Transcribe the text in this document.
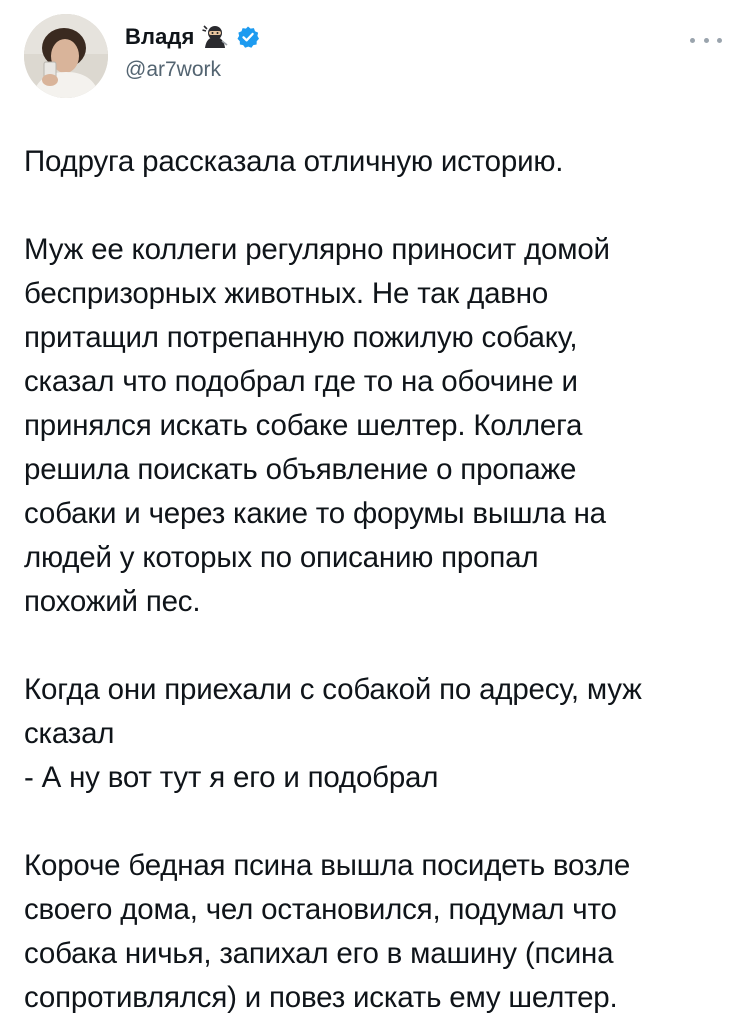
Владя
@ar7work
Подруга рассказала отличную историю.
Муж ее коллеги регулярно приносит домой
беспризорных животных. Не так давно
притащил потрепанную пожилую собаку,
сказал что подобрал где то на обочине и
принялся искать собаке шелтер. Коллега
решила поискать объявление о пропаже
собаки и через какие то форумы вышла на
людей у которых по описанию пропал
похожий пес.
Когда они приехали с собакой по адресу, муж
сказал
- А ну вот тут я его и подобрал
Короче бедная псина вышла посидеть возле
своего дома, чел остановился, подумал что
собака ничья, запихал его в машину (псина
сопротивлялся) и повез искать ему шелтер.
